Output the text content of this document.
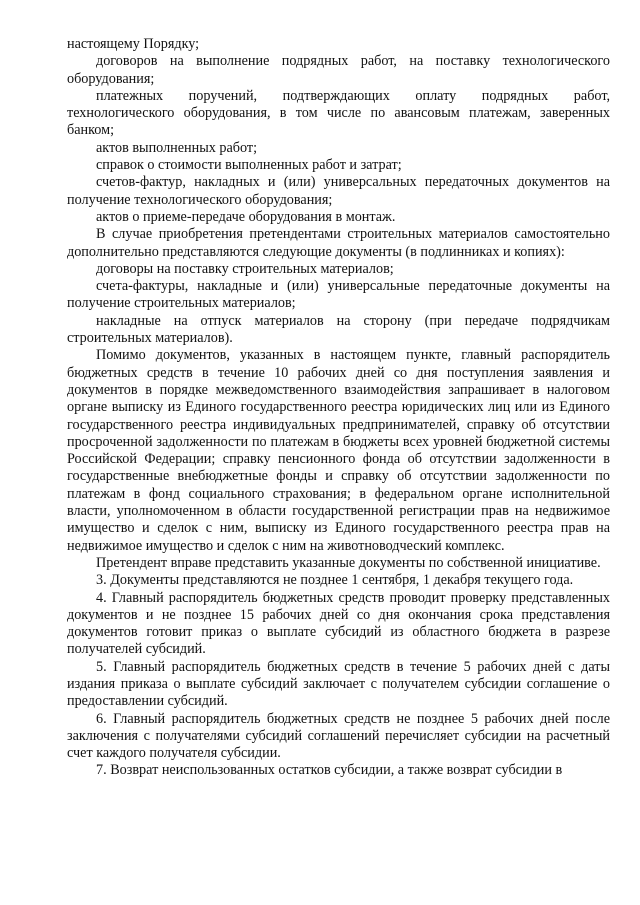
настоящему Порядку;

договоров на выполнение подрядных работ, на поставку технологического оборудования;

платежных поручений, подтверждающих оплату подрядных работ, технологического оборудования, в том числе по авансовым платежам, заверенных банком;

актов выполненных работ;

справок о стоимости выполненных работ и затрат;

счетов-фактур, накладных и (или) универсальных передаточных документов на получение технологического оборудования;

актов о приеме-передаче оборудования в монтаж.

В случае приобретения претендентами строительных материалов самостоятельно дополнительно представляются следующие документы (в подлинниках и копиях):

договоры на поставку строительных материалов;

счета-фактуры, накладные и (или) универсальные передаточные документы на получение строительных материалов;

накладные на отпуск материалов на сторону (при передаче подрядчикам строительных материалов).

Помимо документов, указанных в настоящем пункте, главный распорядитель бюджетных средств в течение 10 рабочих дней со дня поступления заявления и документов в порядке межведомственного взаимодействия запрашивает в налоговом органе выписку из Единого государственного реестра юридических лиц или из Единого государственного реестра индивидуальных предпринимателей, справку об отсутствии просроченной задолженности по платежам в бюджеты всех уровней бюджетной системы Российской Федерации; справку пенсионного фонда об отсутствии задолженности в государственные внебюджетные фонды и справку об отсутствии задолженности по платежам в фонд социального страхования; в федеральном органе исполнительной власти, уполномоченном в области государственной регистрации прав на недвижимое имущество и сделок с ним, выписку из Единого государственного реестра прав на недвижимое имущество и сделок с ним на животноводческий комплекс.

Претендент вправе представить указанные документы по собственной инициативе.

3. Документы представляются не позднее 1 сентября, 1 декабря текущего года.

4. Главный распорядитель бюджетных средств проводит проверку представленных документов и не позднее 15 рабочих дней со дня окончания срока представления документов готовит приказ о выплате субсидий из областного бюджета в разрезе получателей субсидий.

5. Главный распорядитель бюджетных средств в течение 5 рабочих дней с даты издания приказа о выплате субсидий заключает с получателем субсидии соглашение о предоставлении субсидий.

6. Главный распорядитель бюджетных средств не позднее 5 рабочих дней после заключения с получателями субсидий соглашений перечисляет субсидии на расчетный счет каждого получателя субсидии.

7. Возврат неиспользованных остатков субсидии, а также возврат субсидии в
